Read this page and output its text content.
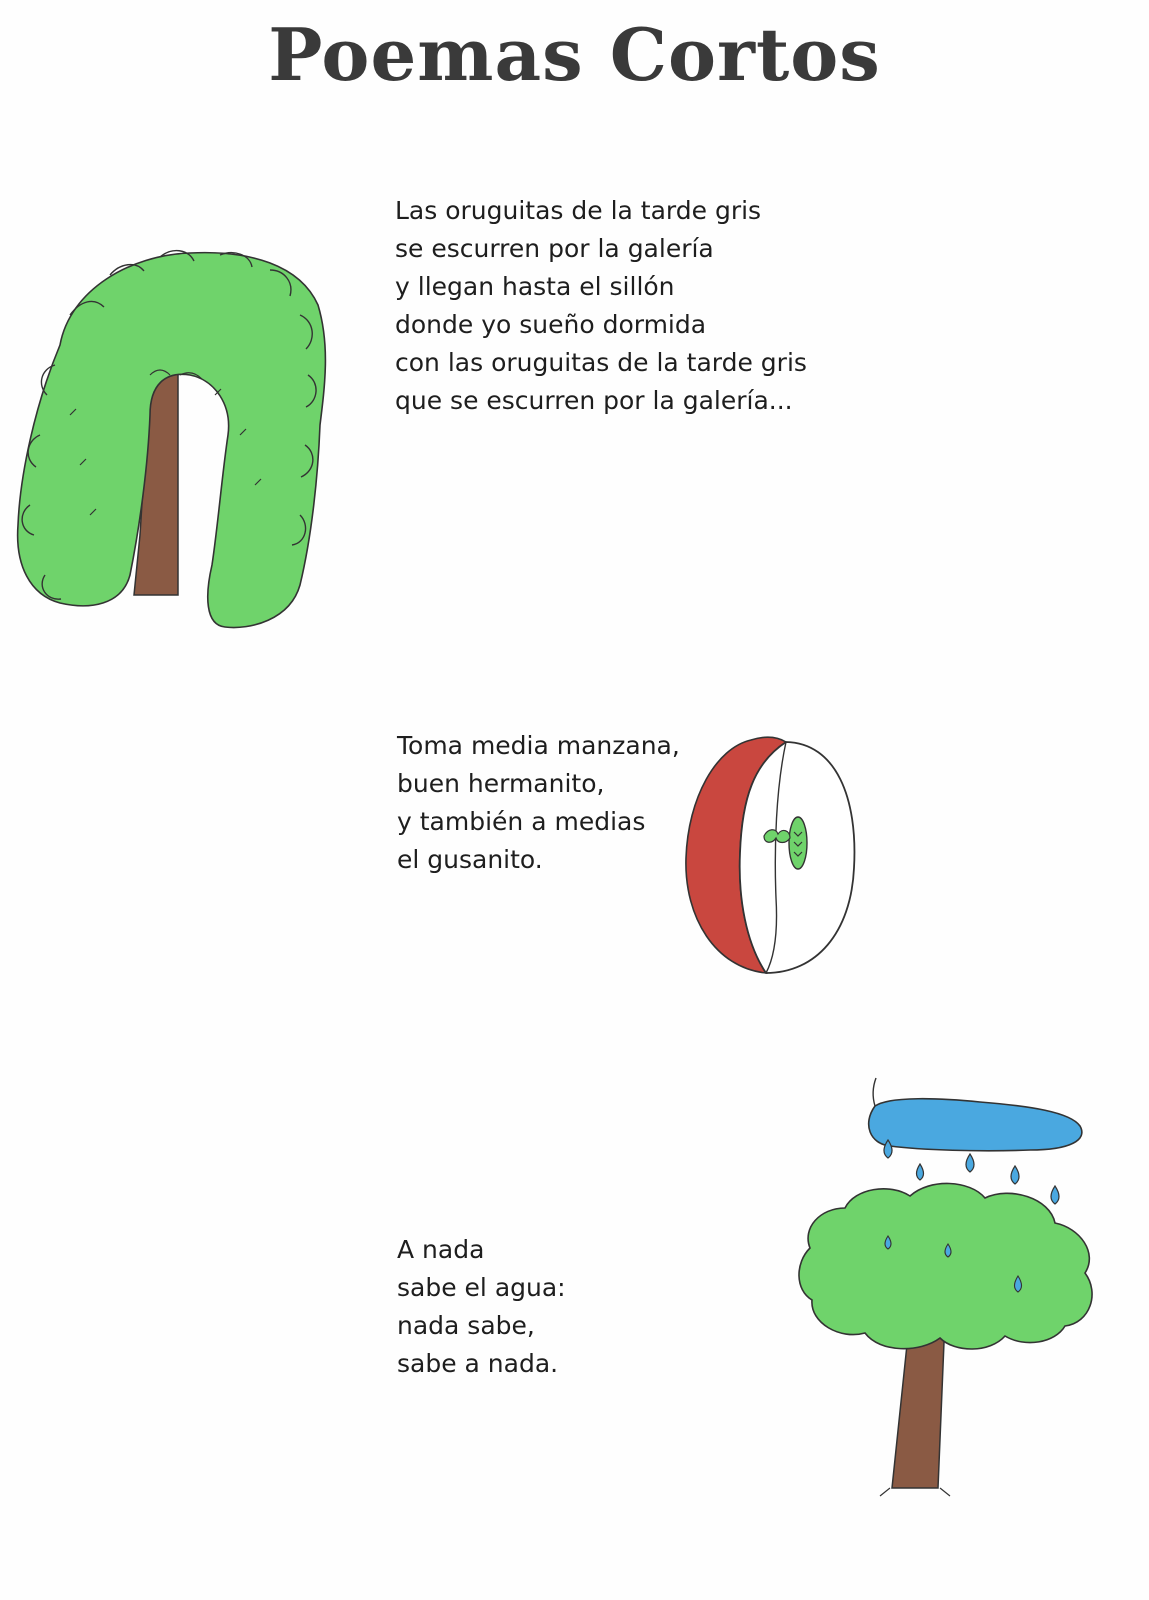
Poemas Cortos
Las oruguitas de la tarde gris
se escurren por la galería
y llegan hasta el sillón
donde yo sueño dormida
con las oruguitas de la tarde gris
que se escurren por la galería...
Toma media manzana,
buen hermanito,
y también a medias
el gusanito.
A nada
sabe el agua:
nada sabe,
sabe a nada.
